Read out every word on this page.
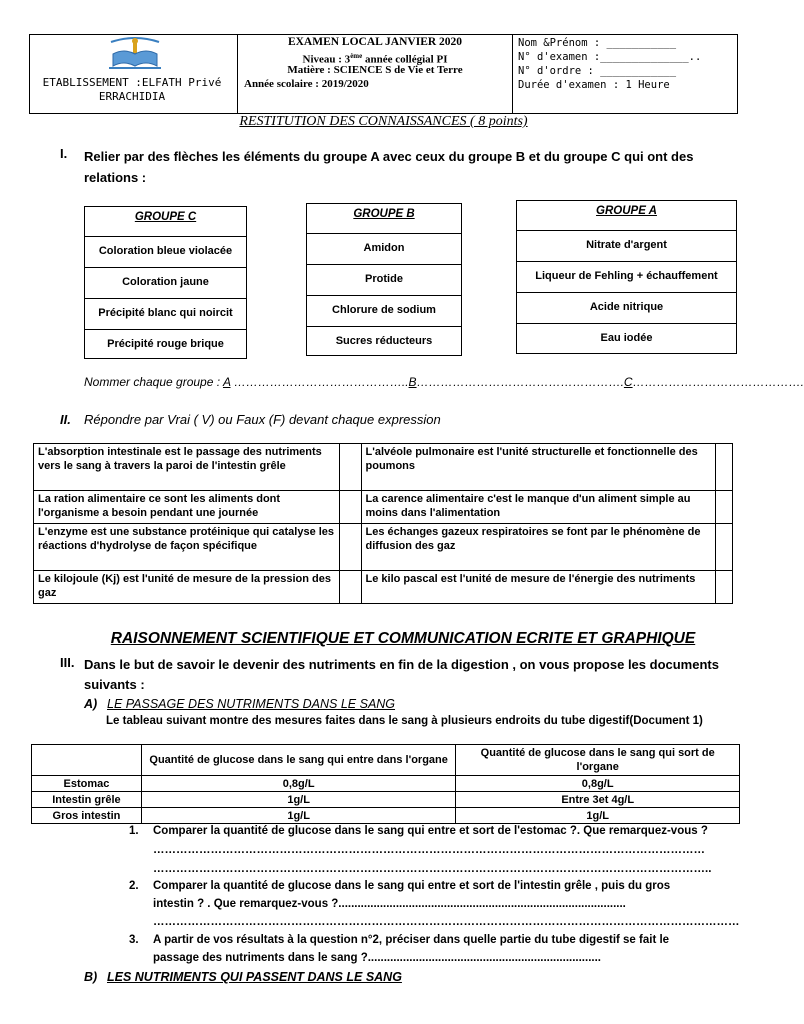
ETABLISSEMENT :ELFATH Privé ERRACHIDIA
EXAMEN LOCAL JANVIER 2020
Niveau : 3ème année collégial PI
Matière : SCIENCE S de Vie et Terre
Année scolaire : 2019/2020
Nom &Prénom : ___________
N° d'examen :______________..
N° d'ordre : ____________
Durée d'examen : 1 Heure
RESTITUTION DES CONNAISSANCES ( 8 points)
I. Relier par des flèches les éléments du groupe A avec ceux du groupe B et du groupe C qui ont des relations :
GROUPE C
Coloration bleue violacée
Coloration jaune
Précipité blanc qui noircit
Précipité rouge brique
GROUPE B
Amidon
Protide
Chlorure de sodium
Sucres réducteurs
GROUPE A
Nitrate d'argent
Liqueur de Fehling + échauffement
Acide nitrique
Eau iodée
Nommer chaque groupe : A ……………………………………..B…………………………………………….C…………………………………….
II. Répondre par Vrai ( V) ou Faux (F) devant chaque expression
L'absorption intestinale est le passage des nutriments vers le sang à travers la paroi de l'intestin grêle		L'alvéole pulmonaire est l'unité structurelle et fonctionnelle des poumons	
La ration alimentaire ce sont les aliments dont l'organisme a besoin pendant une journée		La carence alimentaire c'est le manque d'un aliment simple au moins dans l'alimentation	
L'enzyme est une substance protéinique qui catalyse les réactions d'hydrolyse de façon spécifique		Les échanges gazeux respiratoires se font par le phénomène de diffusion des gaz	
Le kilojoule (Kj) est l'unité de mesure de la pression des gaz		Le kilo pascal est l'unité de mesure de l'énergie des nutriments	
RAISONNEMENT SCIENTIFIQUE ET COMMUNICATION ECRITE ET GRAPHIQUE
III. Dans le but de savoir le devenir des nutriments en fin de la digestion , on vous propose les documents suivants :
A) LE PASSAGE DES NUTRIMENTS DANS LE SANG
Le tableau suivant montre des mesures faites dans le sang à plusieurs endroits du tube digestif(Document 1)
	Quantité de glucose dans le sang qui entre dans l'organe	Quantité de glucose dans le sang qui sort de l'organe
Estomac	0,8g/L	0,8g/L
Intestin grêle	1g/L	Entre 3et 4g/L
Gros intestin	1g/L	1g/L
1. Comparer la quantité de glucose dans le sang qui entre et sort de l'estomac ?. Que remarquez-vous ?
………………………………………………………………………………………………………………………………
………………………………………………………………………………………………………………………………..
2. Comparer la quantité de glucose dans le sang qui entre et sort de l'intestin grêle , puis du gros
intestin ? . Que remarquez-vous ?..........................................................................................
………………………………………………………………………………………………………………………………………
3. A partir de vos résultats à la question n°2, préciser dans quelle partie du tube digestif se fait le
passage des nutriments dans le sang ?.........................................................................
B) LES NUTRIMENTS QUI PASSENT DANS LE SANG
